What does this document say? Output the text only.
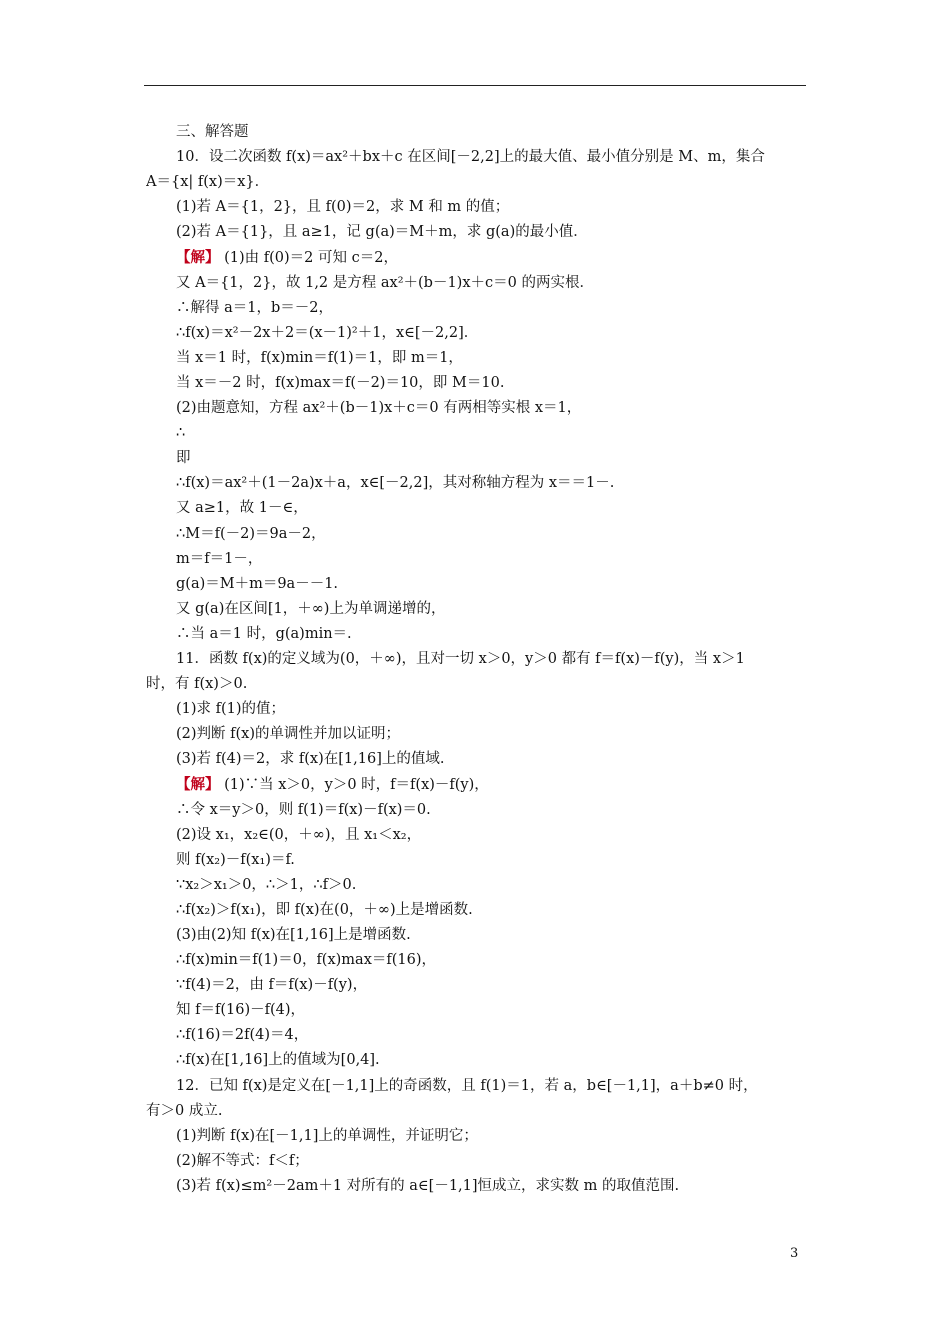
三、解答题
10．设二次函数 f(x)＝ax²＋bx＋c 在区间[－2,2]上的最大值、最小值分别是 M、m，集合
A＝{x| f(x)＝x}．
(1)若 A＝{1，2}，且 f(0)＝2，求 M 和 m 的值；
(2)若 A＝{1}，且 a≥1，记 g(a)＝M＋m，求 g(a)的最小值．
【解】 (1)由 f(0)＝2 可知 c＝2，
又 A＝{1，2}，故 1,2 是方程 ax²＋(b－1)x＋c＝0 的两实根．
∴解得 a＝1，b＝－2，
∴f(x)＝x²－2x＋2＝(x－1)²＋1，x∈[－2,2]．
当 x＝1 时，f(x)min＝f(1)＝1，即 m＝1，
当 x＝－2 时，f(x)max＝f(－2)＝10，即 M＝10.
(2)由题意知，方程 ax²＋(b－1)x＋c＝0 有两相等实根 x＝1，
∴
即
∴f(x)＝ax²＋(1－2a)x＋a，x∈[－2,2]，其对称轴方程为 x＝＝1－.
又 a≥1，故 1－∈，
∴M＝f(－2)＝9a－2，
m＝f＝1－，
g(a)＝M＋m＝9a－－1.
又 g(a)在区间[1，＋∞)上为单调递增的，
∴当 a＝1 时，g(a)min＝.
11．函数 f(x)的定义域为(0，＋∞)，且对一切 x＞0，y＞0 都有 f＝f(x)－f(y)，当 x＞1
时，有 f(x)＞0.
(1)求 f(1)的值；
(2)判断 f(x)的单调性并加以证明；
(3)若 f(4)＝2，求 f(x)在[1,16]上的值域.
【解】 (1)∵当 x＞0，y＞0 时，f＝f(x)－f(y)，
∴令 x＝y＞0，则 f(1)＝f(x)－f(x)＝0.
(2)设 x₁，x₂∈(0，＋∞)，且 x₁＜x₂，
则 f(x₂)－f(x₁)＝f.
∵x₂＞x₁＞0，∴＞1，∴f＞0.
∴f(x₂)＞f(x₁)，即 f(x)在(0，＋∞)上是增函数.
(3)由(2)知 f(x)在[1,16]上是增函数.
∴f(x)min＝f(1)＝0，f(x)max＝f(16)，
∵f(4)＝2，由 f＝f(x)－f(y)，
知 f＝f(16)－f(4)，
∴f(16)＝2f(4)＝4，
∴f(x)在[1,16]上的值域为[0,4].
12．已知 f(x)是定义在[－1,1]上的奇函数，且 f(1)＝1，若 a，b∈[－1,1]，a＋b≠0 时，
有＞0 成立.
(1)判断 f(x)在[－1,1]上的单调性，并证明它；
(2)解不等式：f＜f；
(3)若 f(x)≤m²－2am＋1 对所有的 a∈[－1,1]恒成立，求实数 m 的取值范围.
3
